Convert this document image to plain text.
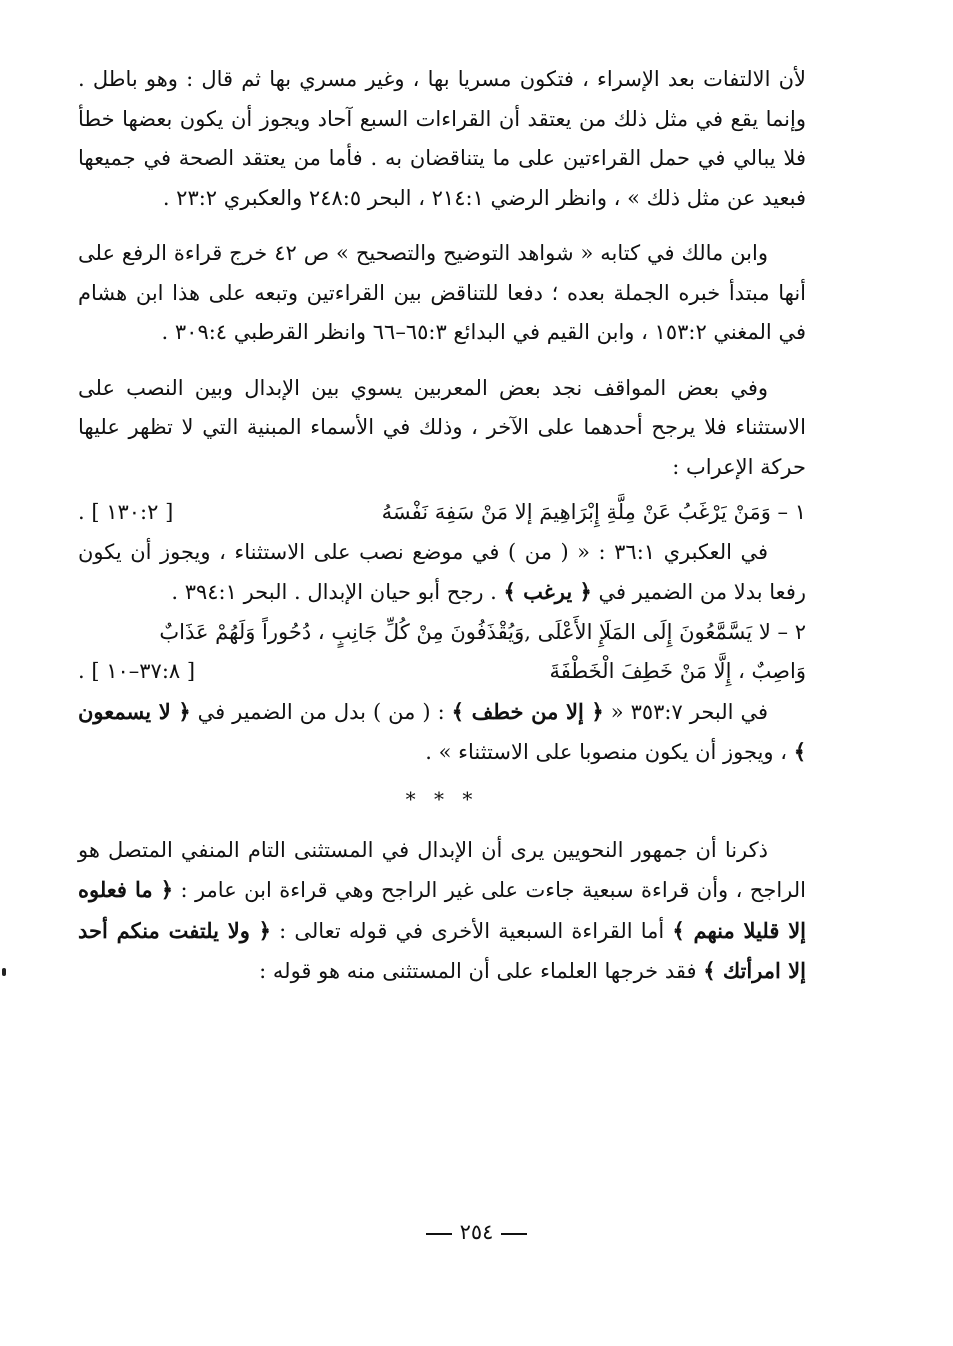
لأن الالتفات بعد الإسراء ، فتكون مسريا بها ، وغير مسري بها ثم قال : وهو باطل . وإنما يقع في مثل ذلك من يعتقد أن القراءات السبع آحاد ويجوز أن يكون بعضها خطأ فلا يبالي في حمل القراءتين على ما يتناقضان به . فأما من يعتقد الصحة في جميعها فبعيد عن مثل ذلك » ، وانظر الرضي ٢١٤:١ ، البحر ٢٤٨:٥ والعكبري ٢٣:٢ .

وابن مالك في كتابه « شواهد التوضيح والتصحيح » ص ٤٢ خرج قراءة الرفع على أنها مبتدأ خبره الجملة بعده ؛ دفعا للتناقض بين القراءتين وتبعه على هذا ابن هشام في المغني ١٥٣:٢ ، وابن القيم في البدائع ٦٥:٣–٦٦ وانظر القرطبي ٣٠٩:٤ .

وفي بعض المواقف نجد بعض المعربين يسوي بين الإبدال وبين النصب على الاستثناء فلا يرجح أحدهما على الآخر ، وذلك في الأسماء المبنية التي لا تظهر عليها حركة الإعراب :

١ – وَمَنْ يَرْغَبُ عَنْ مِلَّةِ إِبْرَاهِيمَ إلا مَنْ سَفِهَ نَفْسَهُ
[ ١٣٠:٢ ] .

في العكبري ٣٦:١ : « ( من ) في موضع نصب على الاستثناء ، ويجوز أن يكون رفعا بدلا من الضمير في ﴿ يرغب ﴾ . رجح أبو حيان الإبدال . البحر ٣٩٤:١ .

٢ – لا يَسَّمَّعُونَ إِلَى المَلَإِ الأَعْلَى ,وَيُقْذَفُونَ مِنْ كُلِّ جَانِبٍ ، دُحُوراً وَلَهُمْ عَذَابٌ
وَاصِبٌ ، إِلَّا مَنْ خَطِفَ الْخَطْفَةَ
[ ٣٧:٨–١٠ ] .

في البحر ٣٥٣:٧ « ﴿ إلا من خطف ﴾ : ( من ) بدل من الضمير في ﴿ لا يسمعون ﴾ ، ويجوز أن يكون منصوبا على الاستثناء » .

* * *

ذكرنا أن جمهور النحويين يرى أن الإبدال في المستثنى التام المنفي المتصل هو الراجح ، وأن قراءة سبعية جاءت على غير الراجح وهي قراءة ابن عامر : ﴿ ما فعلوه إلا قليلا منهم ﴾ أما القراءة السبعية الأخرى في قوله تعالى : ﴿ ولا يلتفت منكم أحد إلا امرأتك ﴾ فقد خرجها العلماء على أن المستثنى منه هو قوله :

٢٥٤
